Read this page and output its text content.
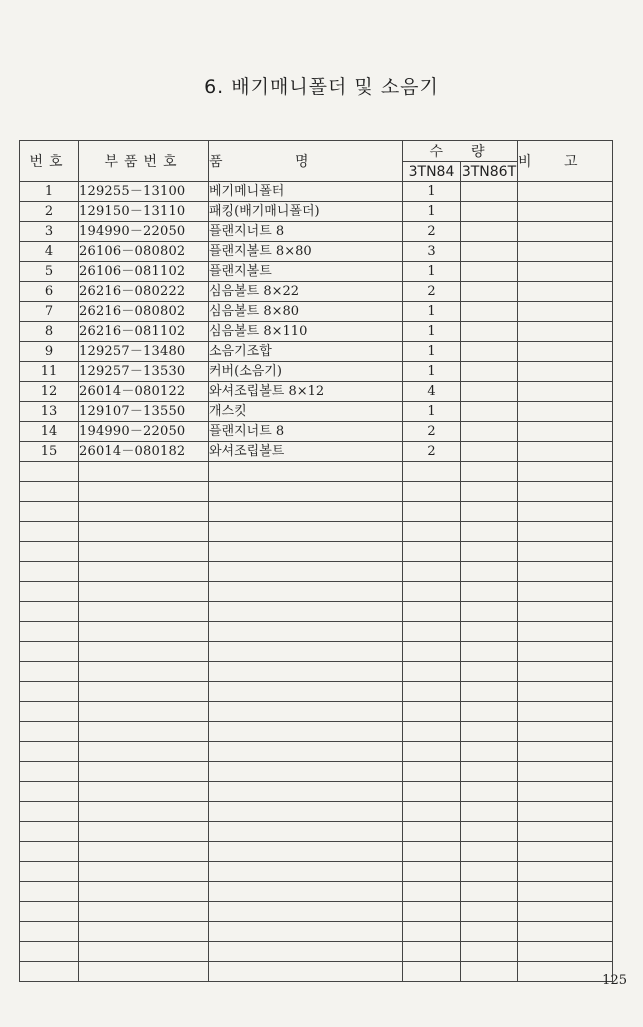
6. 배기매니폴더 및 소음기
번호	부품번호	품 명	수량		비 고
			3TN84	3TN86T	
1	129255－13100	베기메니폴터	1		
2	129150－13110	패킹(배기매니폴더)	1		
3	194990－22050	플랜지너트 8	2		
4	26106－080802	플랜지볼트 8×80	3		
5	26106－081102	플랜지볼트	1		
6	26216－080222	심음볼트 8×22	2		
7	26216－080802	심음볼트 8×80	1		
8	26216－081102	심음볼트 8×110	1		
9	129257－13480	소음기조합	1		
11	129257－13530	커버(소음기)	1		
12	26014－080122	와셔조립볼트 8×12	4		
13	129107－13550	개스킷	1		
14	194990－22050	플랜지너트 8	2		
15	26014－080182	와셔조립볼트	2		

125
